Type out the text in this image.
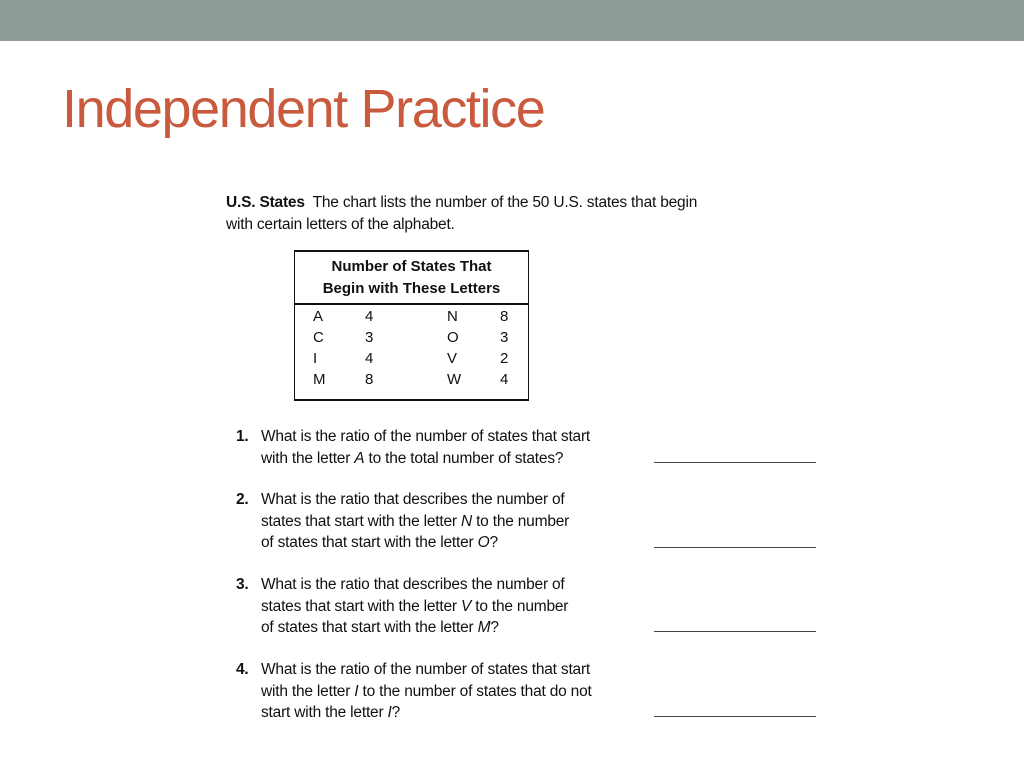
Independent Practice
U.S. States The chart lists the number of the 50 U.S. states that begin with certain letters of the alphabet.
Number of States That
Begin with These Letters
A	4	N	8
C	3	O	3
I	4	V	2
M	8	W	4
1. What is the ratio of the number of states that start
with the letter A to the total number of states?
2. What is the ratio that describes the number of
states that start with the letter N to the number
of states that start with the letter O?
3. What is the ratio that describes the number of
states that start with the letter V to the number
of states that start with the letter M?
4. What is the ratio of the number of states that start
with the letter I to the number of states that do not
start with the letter I?
